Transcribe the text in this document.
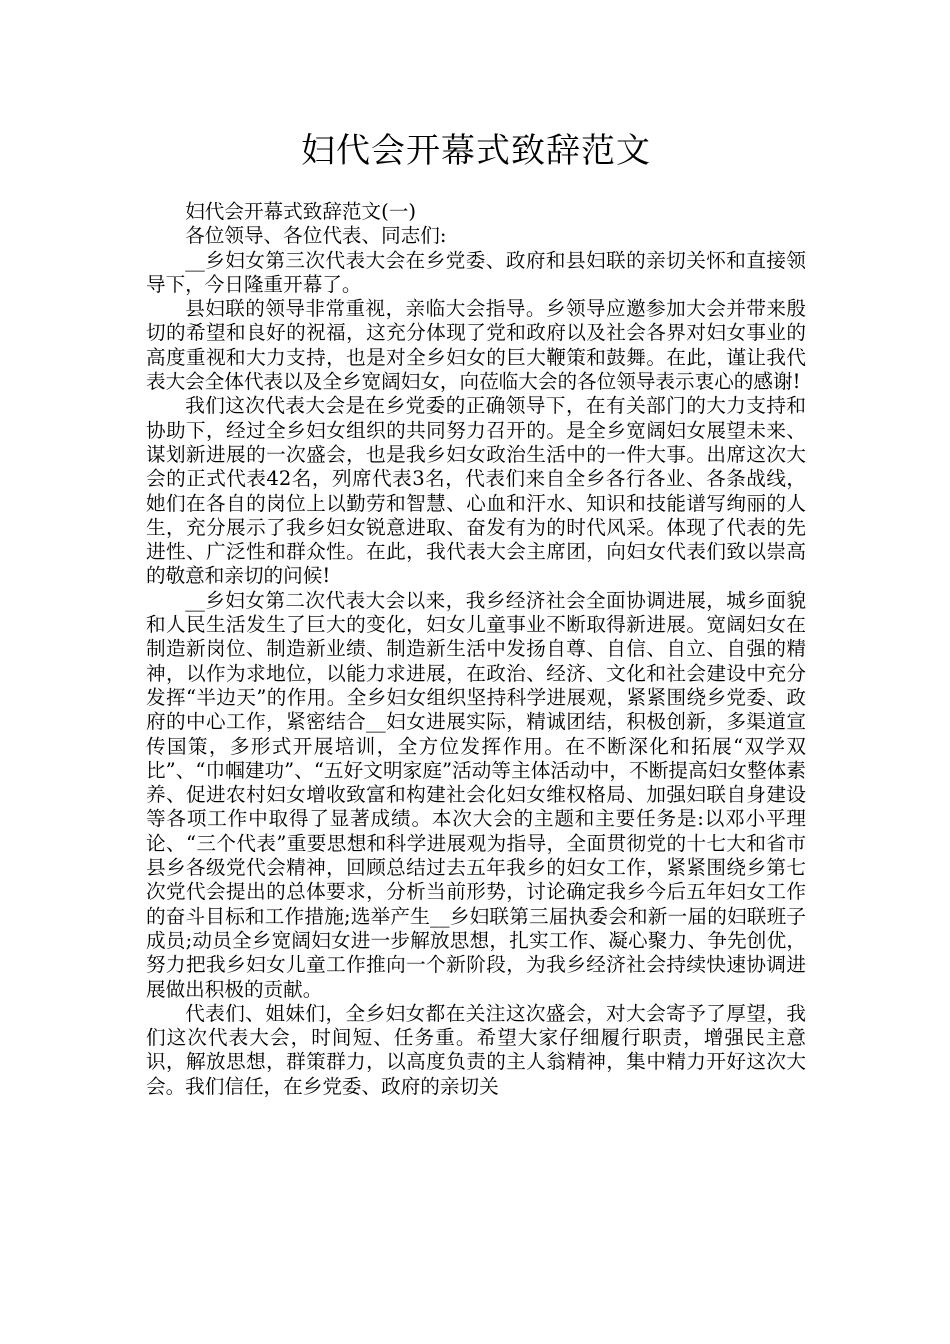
妇代会开幕式致辞范文

妇代会开幕式致辞范文(一)

各位领导、各位代表、同志们:

__乡妇女第三次代表大会在乡党委、政府和县妇联的亲切关怀和直接领导下，今日隆重开幕了。

县妇联的领导非常重视，亲临大会指导。乡领导应邀参加大会并带来殷切的希望和良好的祝福，这充分体现了党和政府以及社会各界对妇女事业的高度重视和大力支持，也是对全乡妇女的巨大鞭策和鼓舞。在此，谨让我代表大会全体代表以及全乡宽阔妇女，向莅临大会的各位领导表示衷心的感谢!

我们这次代表大会是在乡党委的正确领导下，在有关部门的大力支持和协助下，经过全乡妇女组织的共同努力召开的。是全乡宽阔妇女展望未来、谋划新进展的一次盛会，也是我乡妇女政治生活中的一件大事。出席这次大会的正式代表42名，列席代表3名，代表们来自全乡各行各业、各条战线，她们在各自的岗位上以勤劳和智慧、心血和汗水、知识和技能谱写绚丽的人生，充分展示了我乡妇女锐意进取、奋发有为的时代风采。体现了代表的先进性、广泛性和群众性。在此，我代表大会主席团，向妇女代表们致以崇高的敬意和亲切的问候!

__乡妇女第二次代表大会以来，我乡经济社会全面协调进展，城乡面貌和人民生活发生了巨大的变化，妇女儿童事业不断取得新进展。宽阔妇女在制造新岗位、制造新业绩、制造新生活中发扬自尊、自信、自立、自强的精神，以作为求地位，以能力求进展，在政治、经济、文化和社会建设中充分发挥“半边天”的作用。全乡妇女组织坚持科学进展观，紧紧围绕乡党委、政府的中心工作，紧密结合__妇女进展实际，精诚团结，积极创新，多渠道宣传国策，多形式开展培训，全方位发挥作用。在不断深化和拓展“双学双比”、“巾帼建功”、“五好文明家庭”活动等主体活动中，不断提高妇女整体素养、促进农村妇女增收致富和构建社会化妇女维权格局、加强妇联自身建设等各项工作中取得了显著成绩。本次大会的主题和主要任务是:以邓小平理论、“三个代表”重要思想和科学进展观为指导，全面贯彻党的十七大和省市县乡各级党代会精神，回顾总结过去五年我乡的妇女工作，紧紧围绕乡第七次党代会提出的总体要求，分析当前形势，讨论确定我乡今后五年妇女工作的奋斗目标和工作措施;选举产生__乡妇联第三届执委会和新一届的妇联班子成员;动员全乡宽阔妇女进一步解放思想，扎实工作、凝心聚力、争先创优，努力把我乡妇女儿童工作推向一个新阶段，为我乡经济社会持续快速协调进展做出积极的贡献。

代表们、姐妹们，全乡妇女都在关注这次盛会，对大会寄予了厚望，我们这次代表大会，时间短、任务重。希望大家仔细履行职责，增强民主意识，解放思想，群策群力，以高度负责的主人翁精神，集中精力开好这次大会。我们信任，在乡党委、政府的亲切关
